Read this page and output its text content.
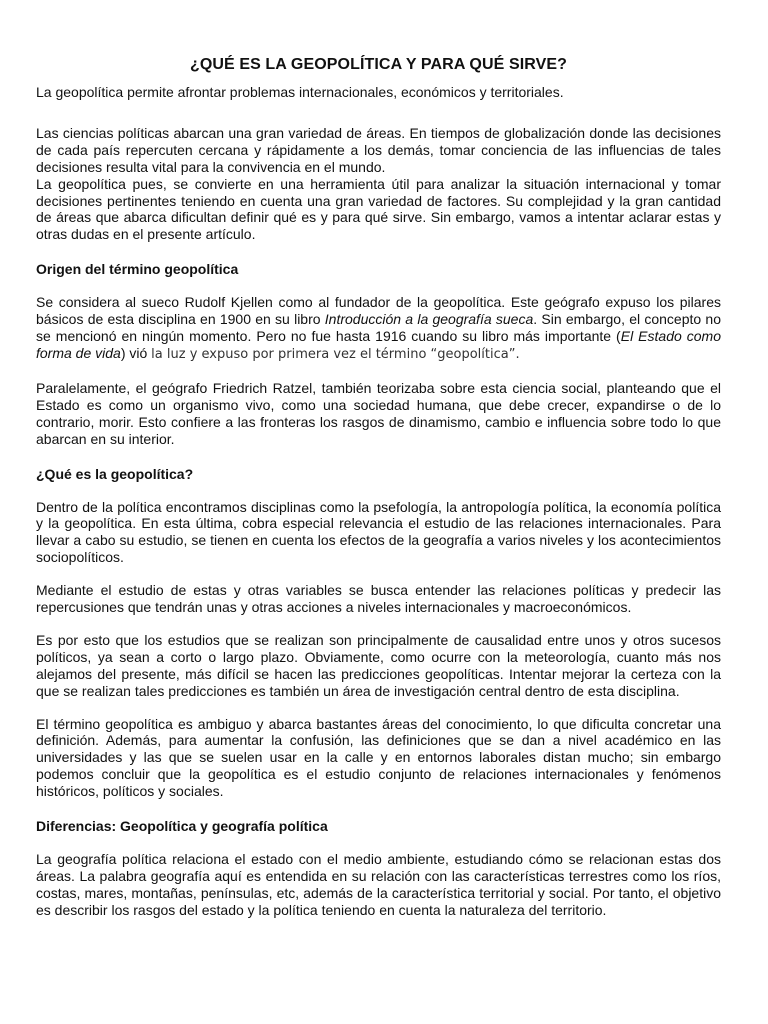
¿QUÉ ES LA GEOPOLÍTICA Y PARA QUÉ SIRVE?

La geopolítica permite afrontar problemas internacionales, económicos y territoriales.

Las ciencias políticas abarcan una gran variedad de áreas. En tiempos de globalización donde las decisiones de cada país repercuten cercana y rápidamente a los demás, tomar conciencia de las influencias de tales decisiones resulta vital para la convivencia en el mundo.

La geopolítica pues, se convierte en una herramienta útil para analizar la situación internacional y tomar decisiones pertinentes teniendo en cuenta una gran variedad de factores. Su complejidad y la gran cantidad de áreas que abarca dificultan definir qué es y para qué sirve. Sin embargo, vamos a intentar aclarar estas y otras dudas en el presente artículo.

Origen del término geopolítica

Se considera al sueco Rudolf Kjellen como al fundador de la geopolítica. Este geógrafo expuso los pilares básicos de esta disciplina en 1900 en su libro Introducción a la geografía sueca. Sin embargo, el concepto no se mencionó en ningún momento. Pero no fue hasta 1916 cuando su libro más importante (El Estado como forma de vida) vió la luz y expuso por primera vez el término “geopolítica”.

Paralelamente, el geógrafo Friedrich Ratzel, también teorizaba sobre esta ciencia social, planteando que el Estado es como un organismo vivo, como una sociedad humana, que debe crecer, expandirse o de lo contrario, morir. Esto confiere a las fronteras los rasgos de dinamismo, cambio e influencia sobre todo lo que abarcan en su interior.

¿Qué es la geopolítica?

Dentro de la política encontramos disciplinas como la psefología, la antropología política, la economía política y la geopolítica. En esta última, cobra especial relevancia el estudio de las relaciones internacionales. Para llevar a cabo su estudio, se tienen en cuenta los efectos de la geografía a varios niveles y los acontecimientos sociopolíticos.

Mediante el estudio de estas y otras variables se busca entender las relaciones políticas y predecir las repercusiones que tendrán unas y otras acciones a niveles internacionales y macroeconómicos.

Es por esto que los estudios que se realizan son principalmente de causalidad entre unos y otros sucesos políticos, ya sean a corto o largo plazo. Obviamente, como ocurre con la meteorología, cuanto más nos alejamos del presente, más difícil se hacen las predicciones geopolíticas. Intentar mejorar la certeza con la que se realizan tales predicciones es también un área de investigación central dentro de esta disciplina.

El término geopolítica es ambiguo y abarca bastantes áreas del conocimiento, lo que dificulta concretar una definición. Además, para aumentar la confusión, las definiciones que se dan a nivel académico en las universidades y las que se suelen usar en la calle y en entornos laborales distan mucho; sin embargo podemos concluir que la geopolítica es el estudio conjunto de relaciones internacionales y fenómenos históricos, políticos y sociales.

Diferencias: Geopolítica y geografía política

La geografía política relaciona el estado con el medio ambiente, estudiando cómo se relacionan estas dos áreas. La palabra geografía aquí es entendida en su relación con las características terrestres como los ríos, costas, mares, montañas, penínsulas, etc, además de la característica territorial y social. Por tanto, el objetivo es describir los rasgos del estado y la política teniendo en cuenta la naturaleza del territorio.
